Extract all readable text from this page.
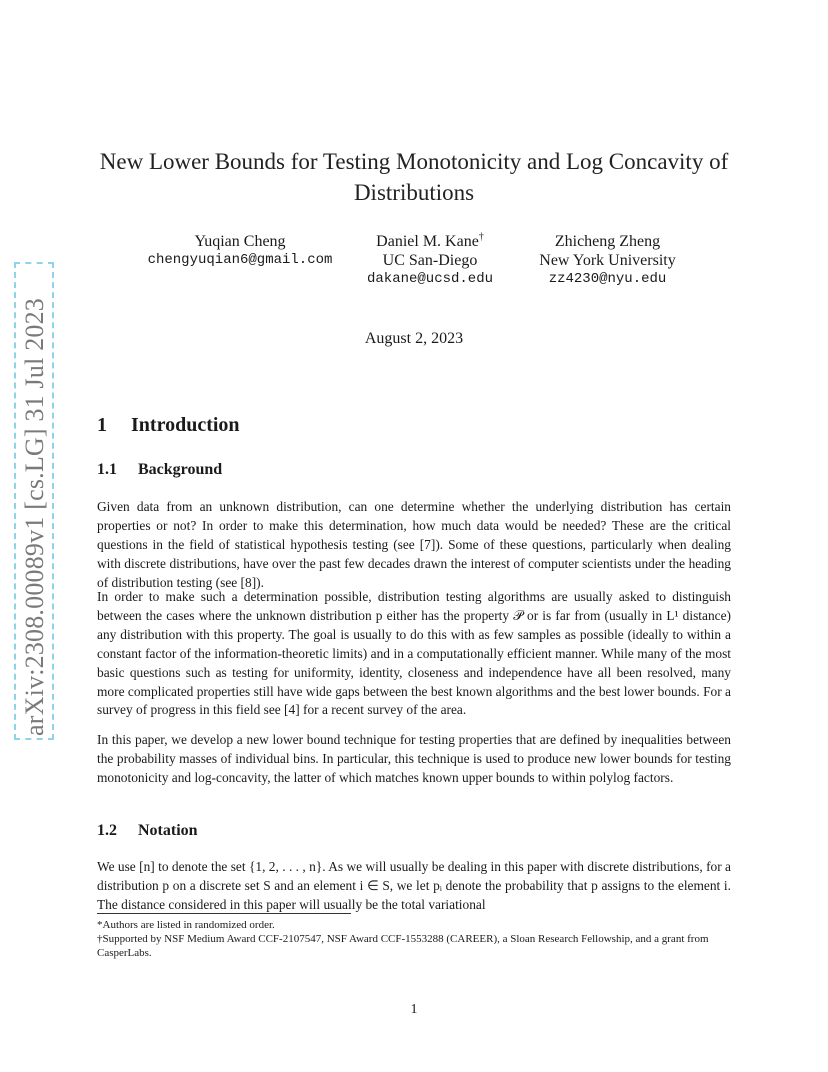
arXiv:2308.00089v1 [cs.LG] 31 Jul 2023
New Lower Bounds for Testing Monotonicity and Log Concavity of Distributions
Yuqian Cheng
chengyuqian6@gmail.com
Daniel M. Kane†
UC San-Diego
dakane@ucsd.edu
Zhicheng Zheng
New York University
zz4230@nyu.edu
August 2, 2023
1 Introduction
1.1 Background

Given data from an unknown distribution, can one determine whether the underlying distribution has certain properties or not? In order to make this determination, how much data would be needed? These are the critical questions in the field of statistical hypothesis testing (see [7]). Some of these questions, particularly when dealing with discrete distributions, have over the past few decades drawn the interest of computer scientists under the heading of distribution testing (see [8]).

In order to make such a determination possible, distribution testing algorithms are usually asked to distinguish between the cases where the unknown distribution p either has the property 𝒫 or is far from (usually in L¹ distance) any distribution with this property. The goal is usually to do this with as few samples as possible (ideally to within a constant factor of the information-theoretic limits) and in a computationally efficient manner. While many of the most basic questions such as testing for uniformity, identity, closeness and independence have all been resolved, many more complicated properties still have wide gaps between the best known algorithms and the best lower bounds. For a survey of progress in this field see [4] for a recent survey of the area.

In this paper, we develop a new lower bound technique for testing properties that are defined by inequalities between the probability masses of individual bins. In particular, this technique is used to produce new lower bounds for testing monotonicity and log-concavity, the latter of which matches known upper bounds to within polylog factors.

1.2 Notation

We use [n] to denote the set {1, 2, . . . , n}. As we will usually be dealing in this paper with discrete distributions, for a distribution p on a discrete set S and an element i ∈ S, we let pᵢ denote the probability that p assigns to the element i. The distance considered in this paper will usually be the total variational

*Authors are listed in randomized order.

†Supported by NSF Medium Award CCF-2107547, NSF Award CCF-1553288 (CAREER), a Sloan Research Fellowship, and a grant from CasperLabs.

1
